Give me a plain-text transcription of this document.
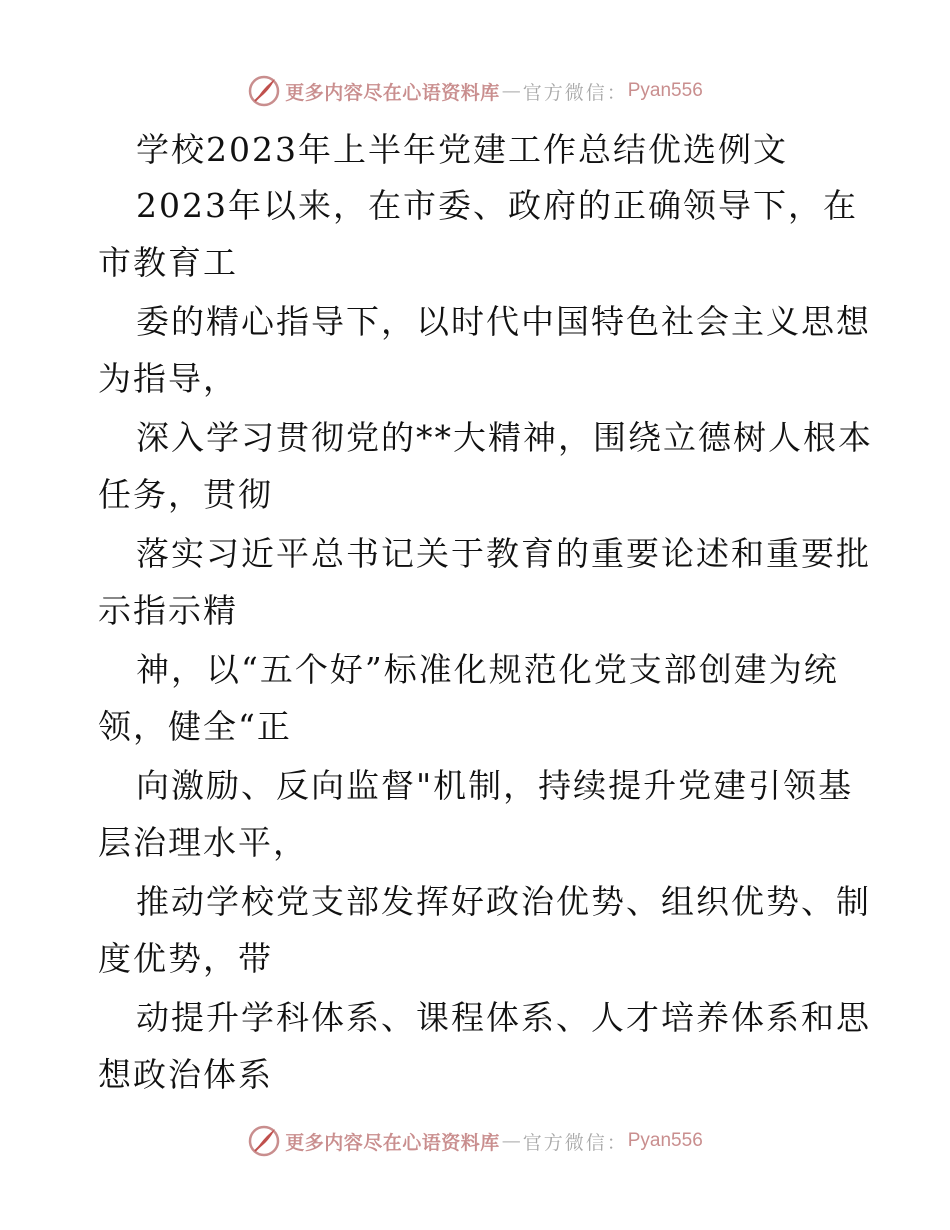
更多内容尽在心语资料库 — 官方微信： Pyan556
学校2023年上半年党建工作总结优选例文
2023年以来，在市委、政府的正确领导下，在
市教育工
委的精心指导下，以时代中国特色社会主义思想
为指导，
深入学习贯彻党的**大精神，围绕立德树人根本
任务，贯彻
落实习近平总书记关于教育的重要论述和重要批
示指示精
神，以“五个好”标准化规范化党支部创建为统
领，健全“正
向激励、反向监督"机制，持续提升党建引领基
层治理水平，
推动学校党支部发挥好政治优势、组织优势、制
度优势，带
动提升学科体系、课程体系、人才培养体系和思
想政治体系
更多内容尽在心语资料库 — 官方微信： Pyan556
